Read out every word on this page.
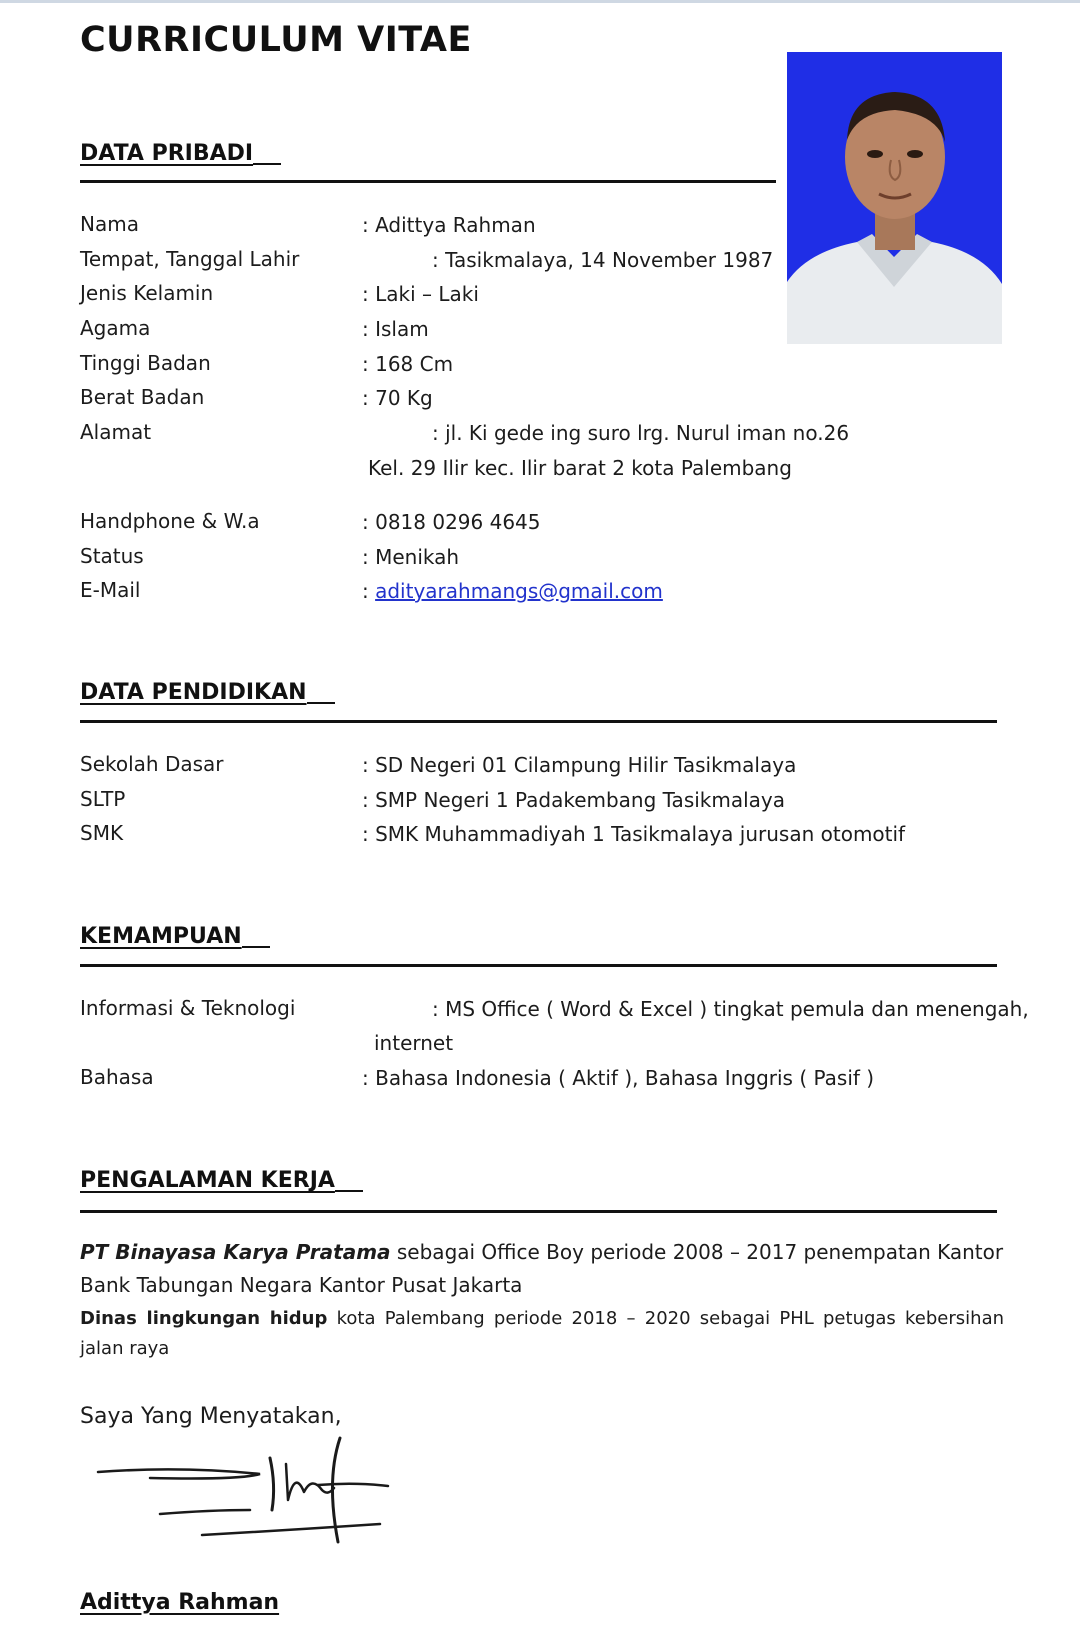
CURRICULUM VITAE
DATA PRIBADI
Nama	: Adittya Rahman
Tempat, Tanggal Lahir	: Tasikmalaya, 14 November 1987
Jenis Kelamin	: Laki – Laki
Agama	: Islam
Tinggi Badan	: 168 Cm
Berat Badan	: 70 Kg
Alamat	: jl. Ki gede ing suro lrg. Nurul iman no.26
Kel. 29 Ilir kec. Ilir barat 2 kota Palembang
Handphone & W.a	: 0818 0296 4645
Status	: Menikah
E-Mail	: adityarahmangs@gmail.com
DATA PENDIDIKAN
Sekolah Dasar	: SD Negeri 01 Cilampung Hilir Tasikmalaya
SLTP	: SMP Negeri 1 Padakembang Tasikmalaya
SMK	: SMK Muhammadiyah 1 Tasikmalaya jurusan otomotif
KEMAMPUAN
Informasi & Teknologi	: MS Office ( Word & Excel ) tingkat pemula dan menengah,
internet
Bahasa	: Bahasa Indonesia ( Aktif ), Bahasa Inggris ( Pasif )
PENGALAMAN KERJA
PT Binayasa Karya Pratama sebagai Office Boy periode 2008 – 2017 penempatan Kantor Bank Tabungan Negara Kantor Pusat Jakarta
Dinas lingkungan hidup kota Palembang periode 2018 – 2020 sebagai PHL petugas kebersihan jalan raya
Saya Yang Menyatakan,
Adittya Rahman
